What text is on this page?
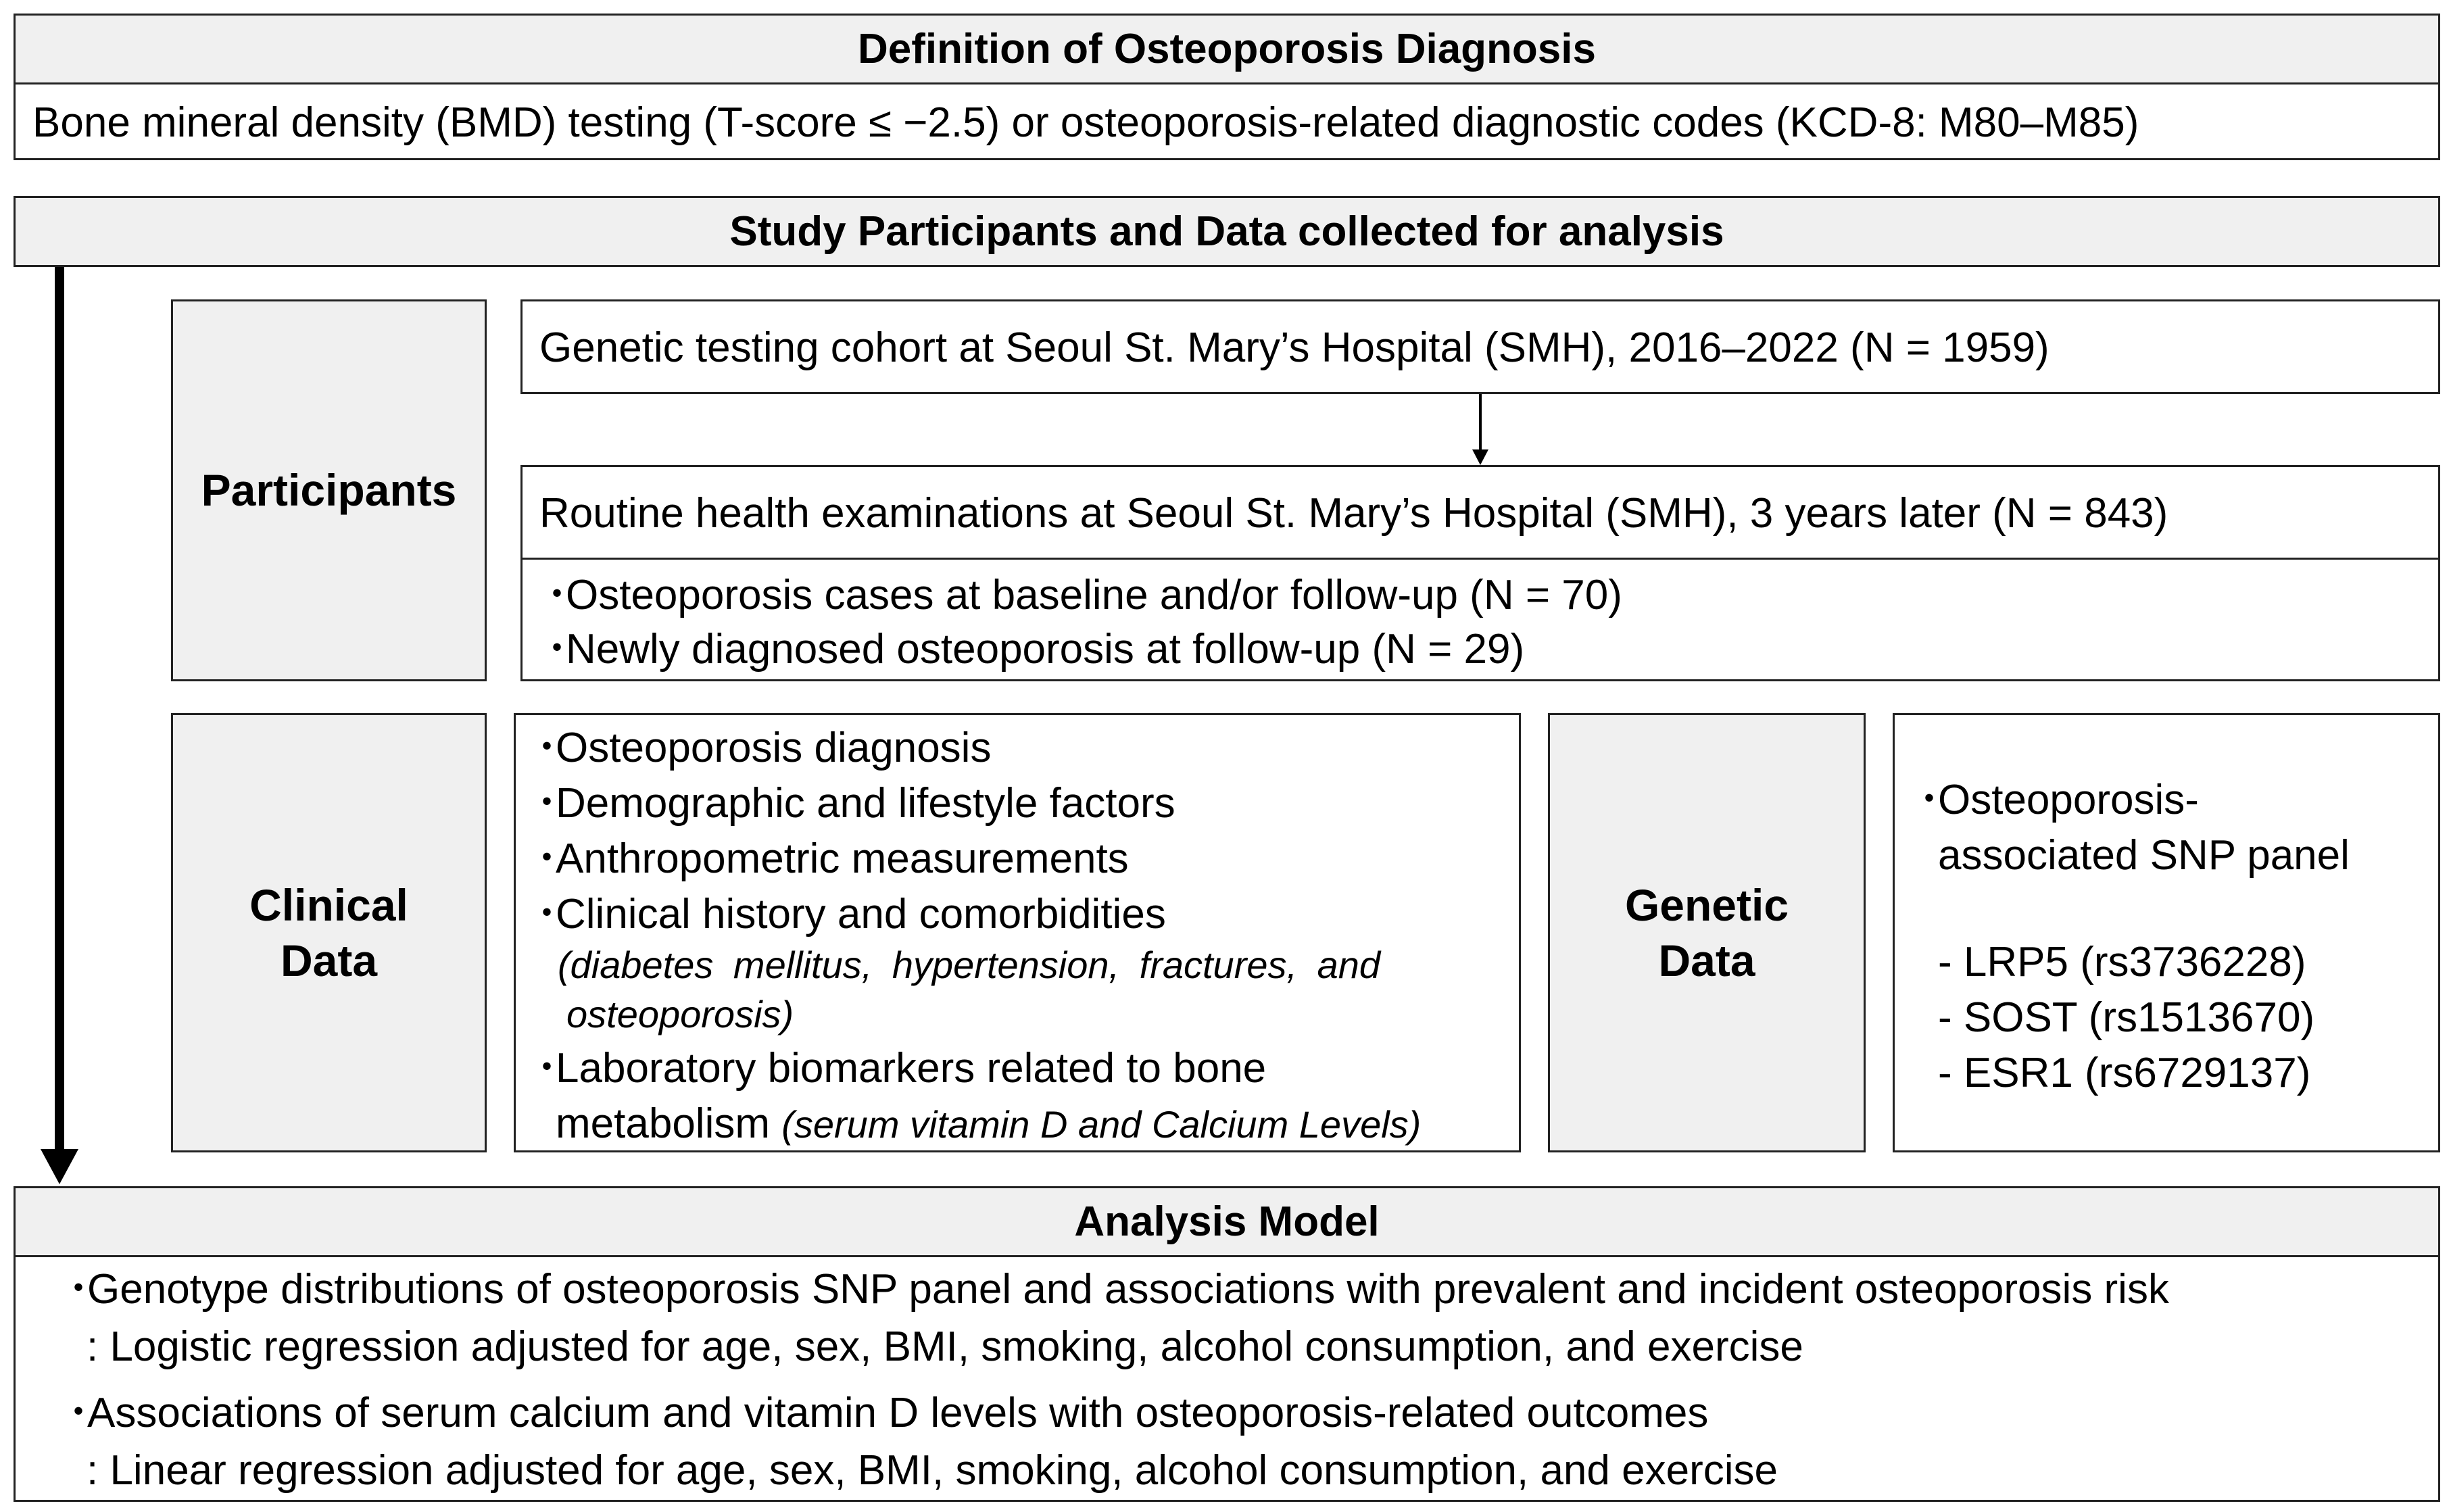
Definition of Osteoporosis Diagnosis
Bone mineral density (BMD) testing (T-score ≤ −2.5) or osteoporosis-related diagnostic codes (KCD-8: M80–M85)
Study Participants and Data collected for analysis
Participants
Genetic testing cohort at Seoul St. Mary’s Hospital (SMH), 2016–2022 (N = 1959)
Routine health examinations at Seoul St. Mary’s Hospital (SMH), 3 years later (N = 843)
・Osteoporosis cases at baseline and/or follow-up (N = 70)
・Newly diagnosed osteoporosis at follow-up (N = 29)
Clinical
Data
・Osteoporosis diagnosis
・Demographic and lifestyle factors
・Anthropometric measurements
・Clinical history and comorbidities
(diabetes mellitus, hypertension, fractures, and
osteoporosis)
・Laboratory biomarkers related to bone
metabolism (serum vitamin D and Calcium Levels)
Genetic
Data
・Osteoporosis-
associated SNP panel
- LRP5 (rs3736228)
- SOST (rs1513670)
- ESR1 (rs6729137)
Analysis Model
・Genotype distributions of osteoporosis SNP panel and associations with prevalent and incident osteoporosis risk
: Logistic regression adjusted for age, sex, BMI, smoking, alcohol consumption, and exercise
・Associations of serum calcium and vitamin D levels with osteoporosis-related outcomes
: Linear regression adjusted for age, sex, BMI, smoking, alcohol consumption, and exercise
